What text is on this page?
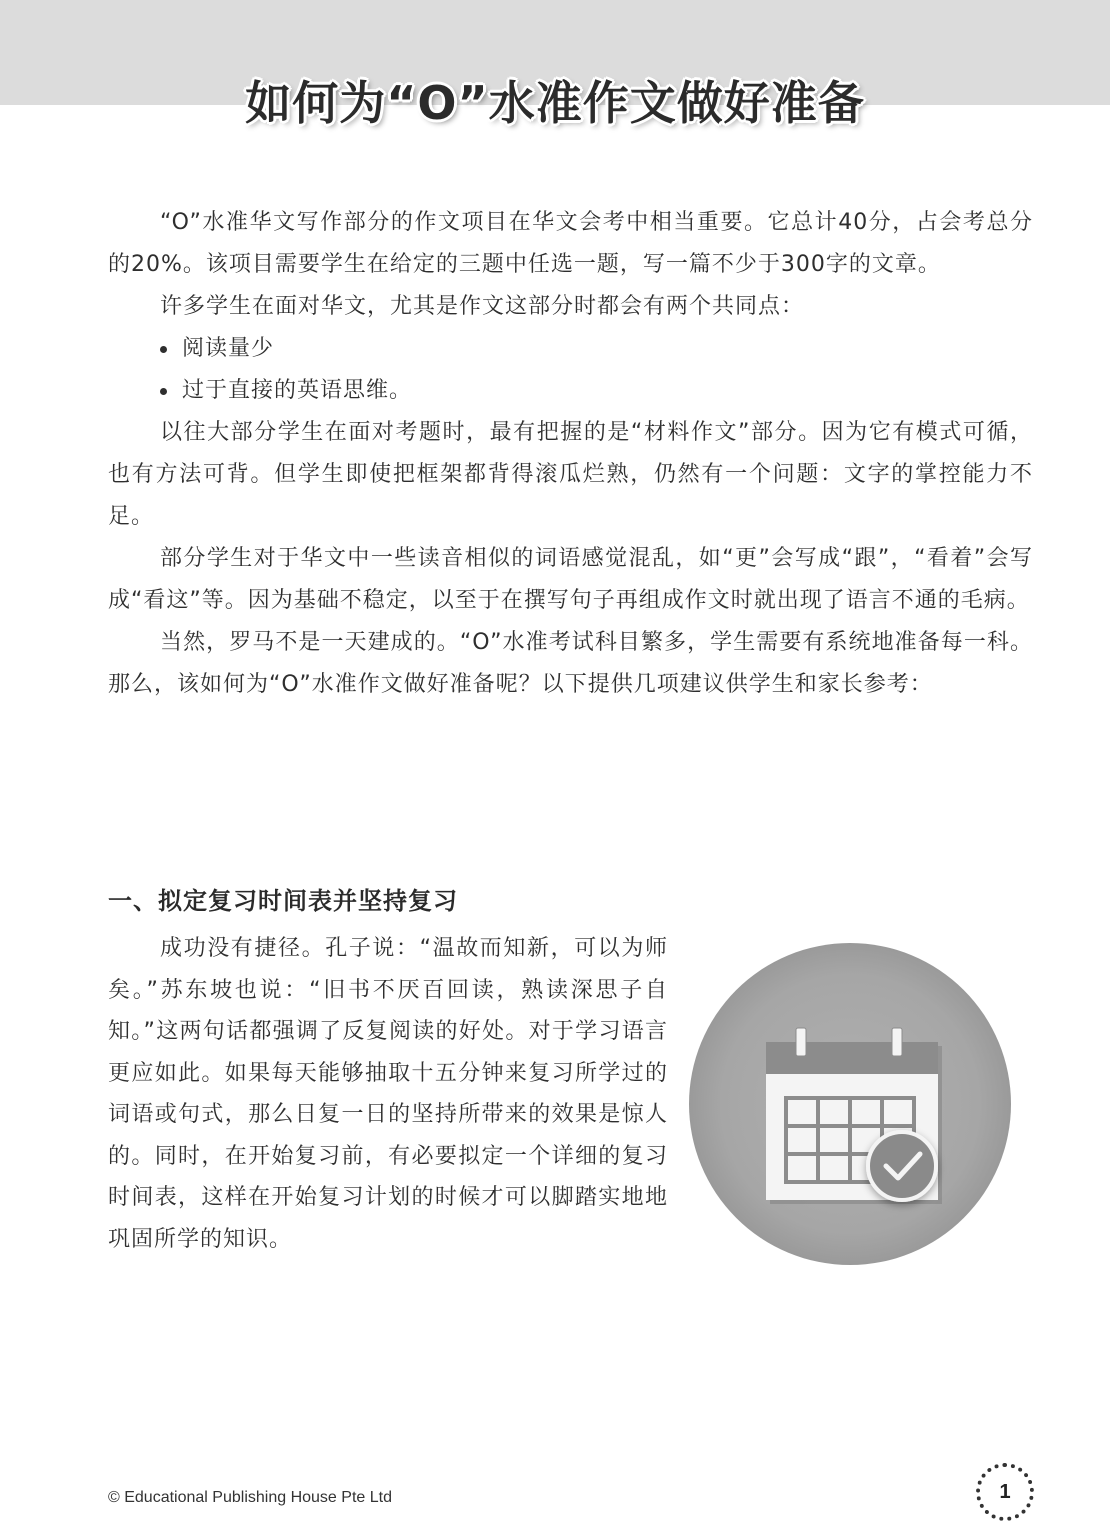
如何为“O”水准作文做好准备

“O”水准华文写作部分的作文项目在华文会考中相当重要。它总计40分，占会考总分的20%。该项目需要学生在给定的三题中任选一题，写一篇不少于300字的文章。

许多学生在面对华文，尤其是作文这部分时都会有两个共同点：

阅读量少
过于直接的英语思维。

以往大部分学生在面对考题时，最有把握的是“材料作文”部分。因为它有模式可循，也有方法可背。但学生即使把框架都背得滚瓜烂熟，仍然有一个问题：文字的掌控能力不足。

部分学生对于华文中一些读音相似的词语感觉混乱，如“更”会写成“跟”，“看着”会写成“看这”等。因为基础不稳定，以至于在撰写句子再组成作文时就出现了语言不通的毛病。

当然，罗马不是一天建成的。“O”水准考试科目繁多，学生需要有系统地准备每一科。那么，该如何为“O”水准作文做好准备呢？以下提供几项建议供学生和家长参考：

一、拟定复习时间表并坚持复习

成功没有捷径。孔子说：“温故而知新，可以为师矣。”苏东坡也说：“旧书不厌百回读，熟读深思子自知。”这两句话都强调了反复阅读的好处。对于学习语言更应如此。如果每天能够抽取十五分钟来复习所学过的词语或句式，那么日复一日的坚持所带来的效果是惊人的。同时，在开始复习前，有必要拟定一个详细的复习时间表，这样在开始复习计划的时候才可以脚踏实地地巩固所学的知识。

© Educational Publishing House Pte Ltd	1
